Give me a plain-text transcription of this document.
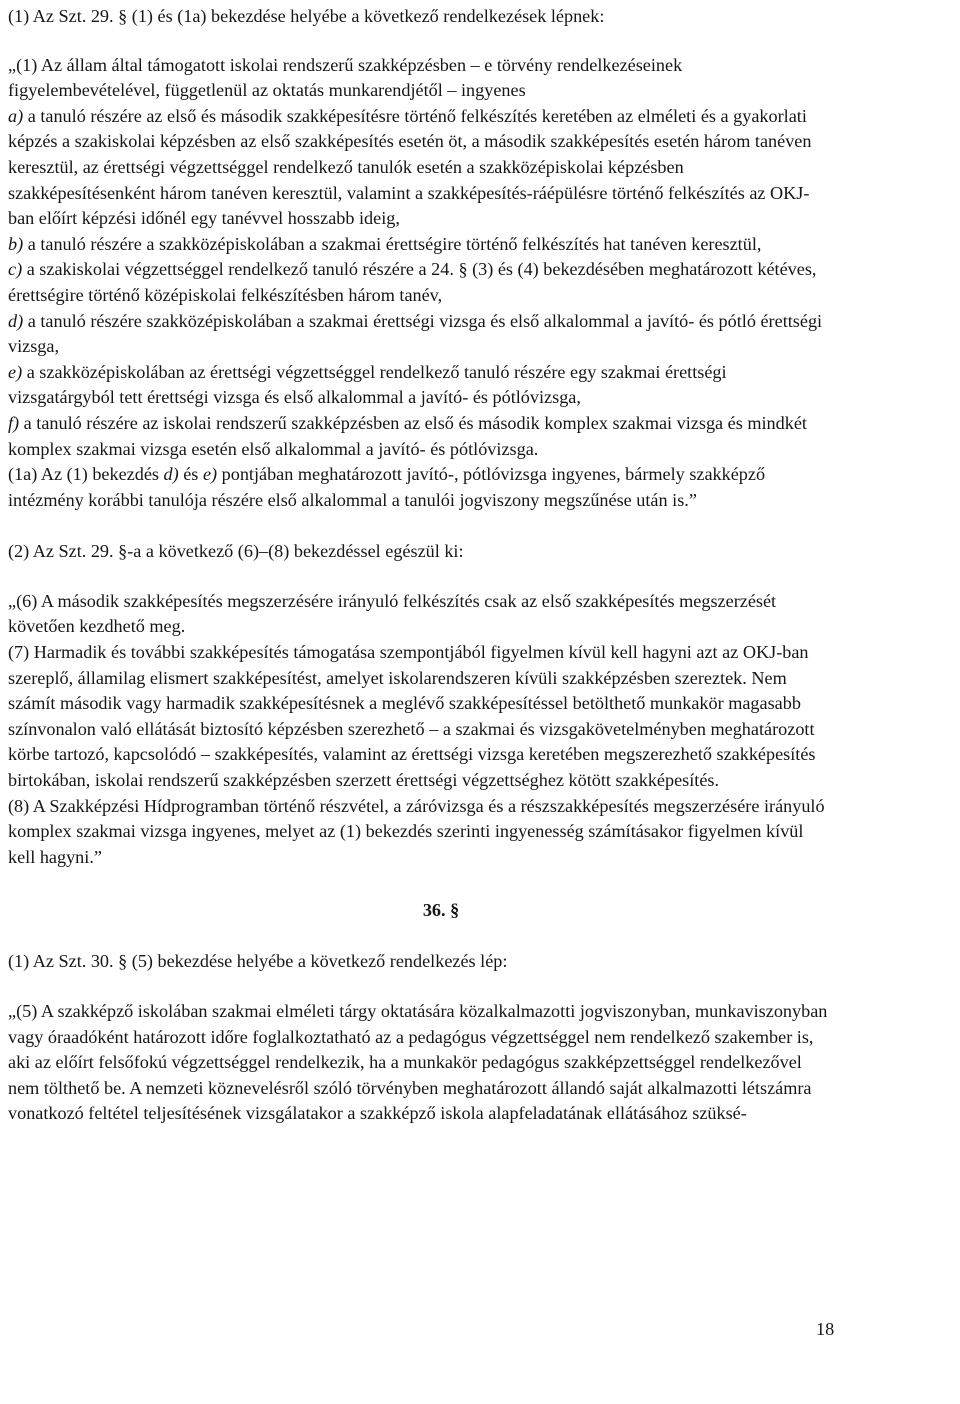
(1) Az Szt. 29. § (1) és (1a) bekezdése helyébe a következő rendelkezések lépnek:

„(1) Az állam által támogatott iskolai rendszerű szakképzésben – e törvény rendelkezéseinek figyelembevételével, függetlenül az oktatás munkarendjétől – ingyenes

a) a tanuló részére az első és második szakképesítésre történő felkészítés keretében az elméleti és a gyakorlati képzés a szakiskolai képzésben az első szakképesítés esetén öt, a második szakképesítés esetén három tanéven keresztül, az érettségi végzettséggel rendelkező tanulók esetén a szakközépiskolai képzésben szakképesítésenként három tanéven keresztül, valamint a szakképesítés-ráépülésre történő felkészítés az OKJ-ban előírt képzési időnél egy tanévvel hosszabb ideig,

b) a tanuló részére a szakközépiskolában a szakmai érettségire történő felkészítés hat tanéven keresztül,

c) a szakiskolai végzettséggel rendelkező tanuló részére a 24. § (3) és (4) bekezdésében meghatározott kétéves, érettségire történő középiskolai felkészítésben három tanév,

d) a tanuló részére szakközépiskolában a szakmai érettségi vizsga és első alkalommal a javító- és pótló érettségi vizsga,

e) a szakközépiskolában az érettségi végzettséggel rendelkező tanuló részére egy szakmai érettségi vizsgatárgyból tett érettségi vizsga és első alkalommal a javító- és pótlóvizsga,

f) a tanuló részére az iskolai rendszerű szakképzésben az első és második komplex szakmai vizsga és mindkét komplex szakmai vizsga esetén első alkalommal a javító- és pótlóvizsga.

(1a) Az (1) bekezdés d) és e) pontjában meghatározott javító-, pótlóvizsga ingyenes, bármely szakképző intézmény korábbi tanulója részére első alkalommal a tanulói jogviszony megszűnése után is.”

(2) Az Szt. 29. §-a a következő (6)–(8) bekezdéssel egészül ki:

„(6) A második szakképesítés megszerzésére irányuló felkészítés csak az első szakképesítés megszerzését követően kezdhető meg.

(7) Harmadik és további szakképesítés támogatása szempontjából figyelmen kívül kell hagyni azt az OKJ-ban szereplő, államilag elismert szakképesítést, amelyet iskolarendszeren kívüli szakképzésben szereztek. Nem számít második vagy harmadik szakképesítésnek a meglévő szakképesítéssel betölthető munkakör magasabb színvonalon való ellátását biztosító képzésben szerezhető – a szakmai és vizsgakövetelményben meghatározott körbe tartozó, kapcsolódó – szakképesítés, valamint az érettségi vizsga keretében megszerezhető szakképesítés birtokában, iskolai rendszerű szakképzésben szerzett érettségi végzettséghez kötött szakképesítés.

(8) A Szakképzési Hídprogramban történő részvétel, a záróvizsga és a részszakképesítés megszerzésére irányuló komplex szakmai vizsga ingyenes, melyet az (1) bekezdés szerinti ingyenesség számításakor figyelmen kívül kell hagyni.”

36. §

(1) Az Szt. 30. § (5) bekezdése helyébe a következő rendelkezés lép:

„(5) A szakképző iskolában szakmai elméleti tárgy oktatására közalkalmazotti jogviszonyban, munkaviszonyban vagy óraadóként határozott időre foglalkoztatható az a pedagógus végzettséggel nem rendelkező szakember is, aki az előírt felsőfokú végzettséggel rendelkezik, ha a munkakör pedagógus szakképzettséggel rendelkezővel nem tölthető be. A nemzeti köznevelésről szóló törvényben meghatározott állandó saját alkalmazotti létszámra vonatkozó feltétel teljesítésének vizsgálatakor a szakképző iskola alapfeladatának ellátásához szüksé-

18
